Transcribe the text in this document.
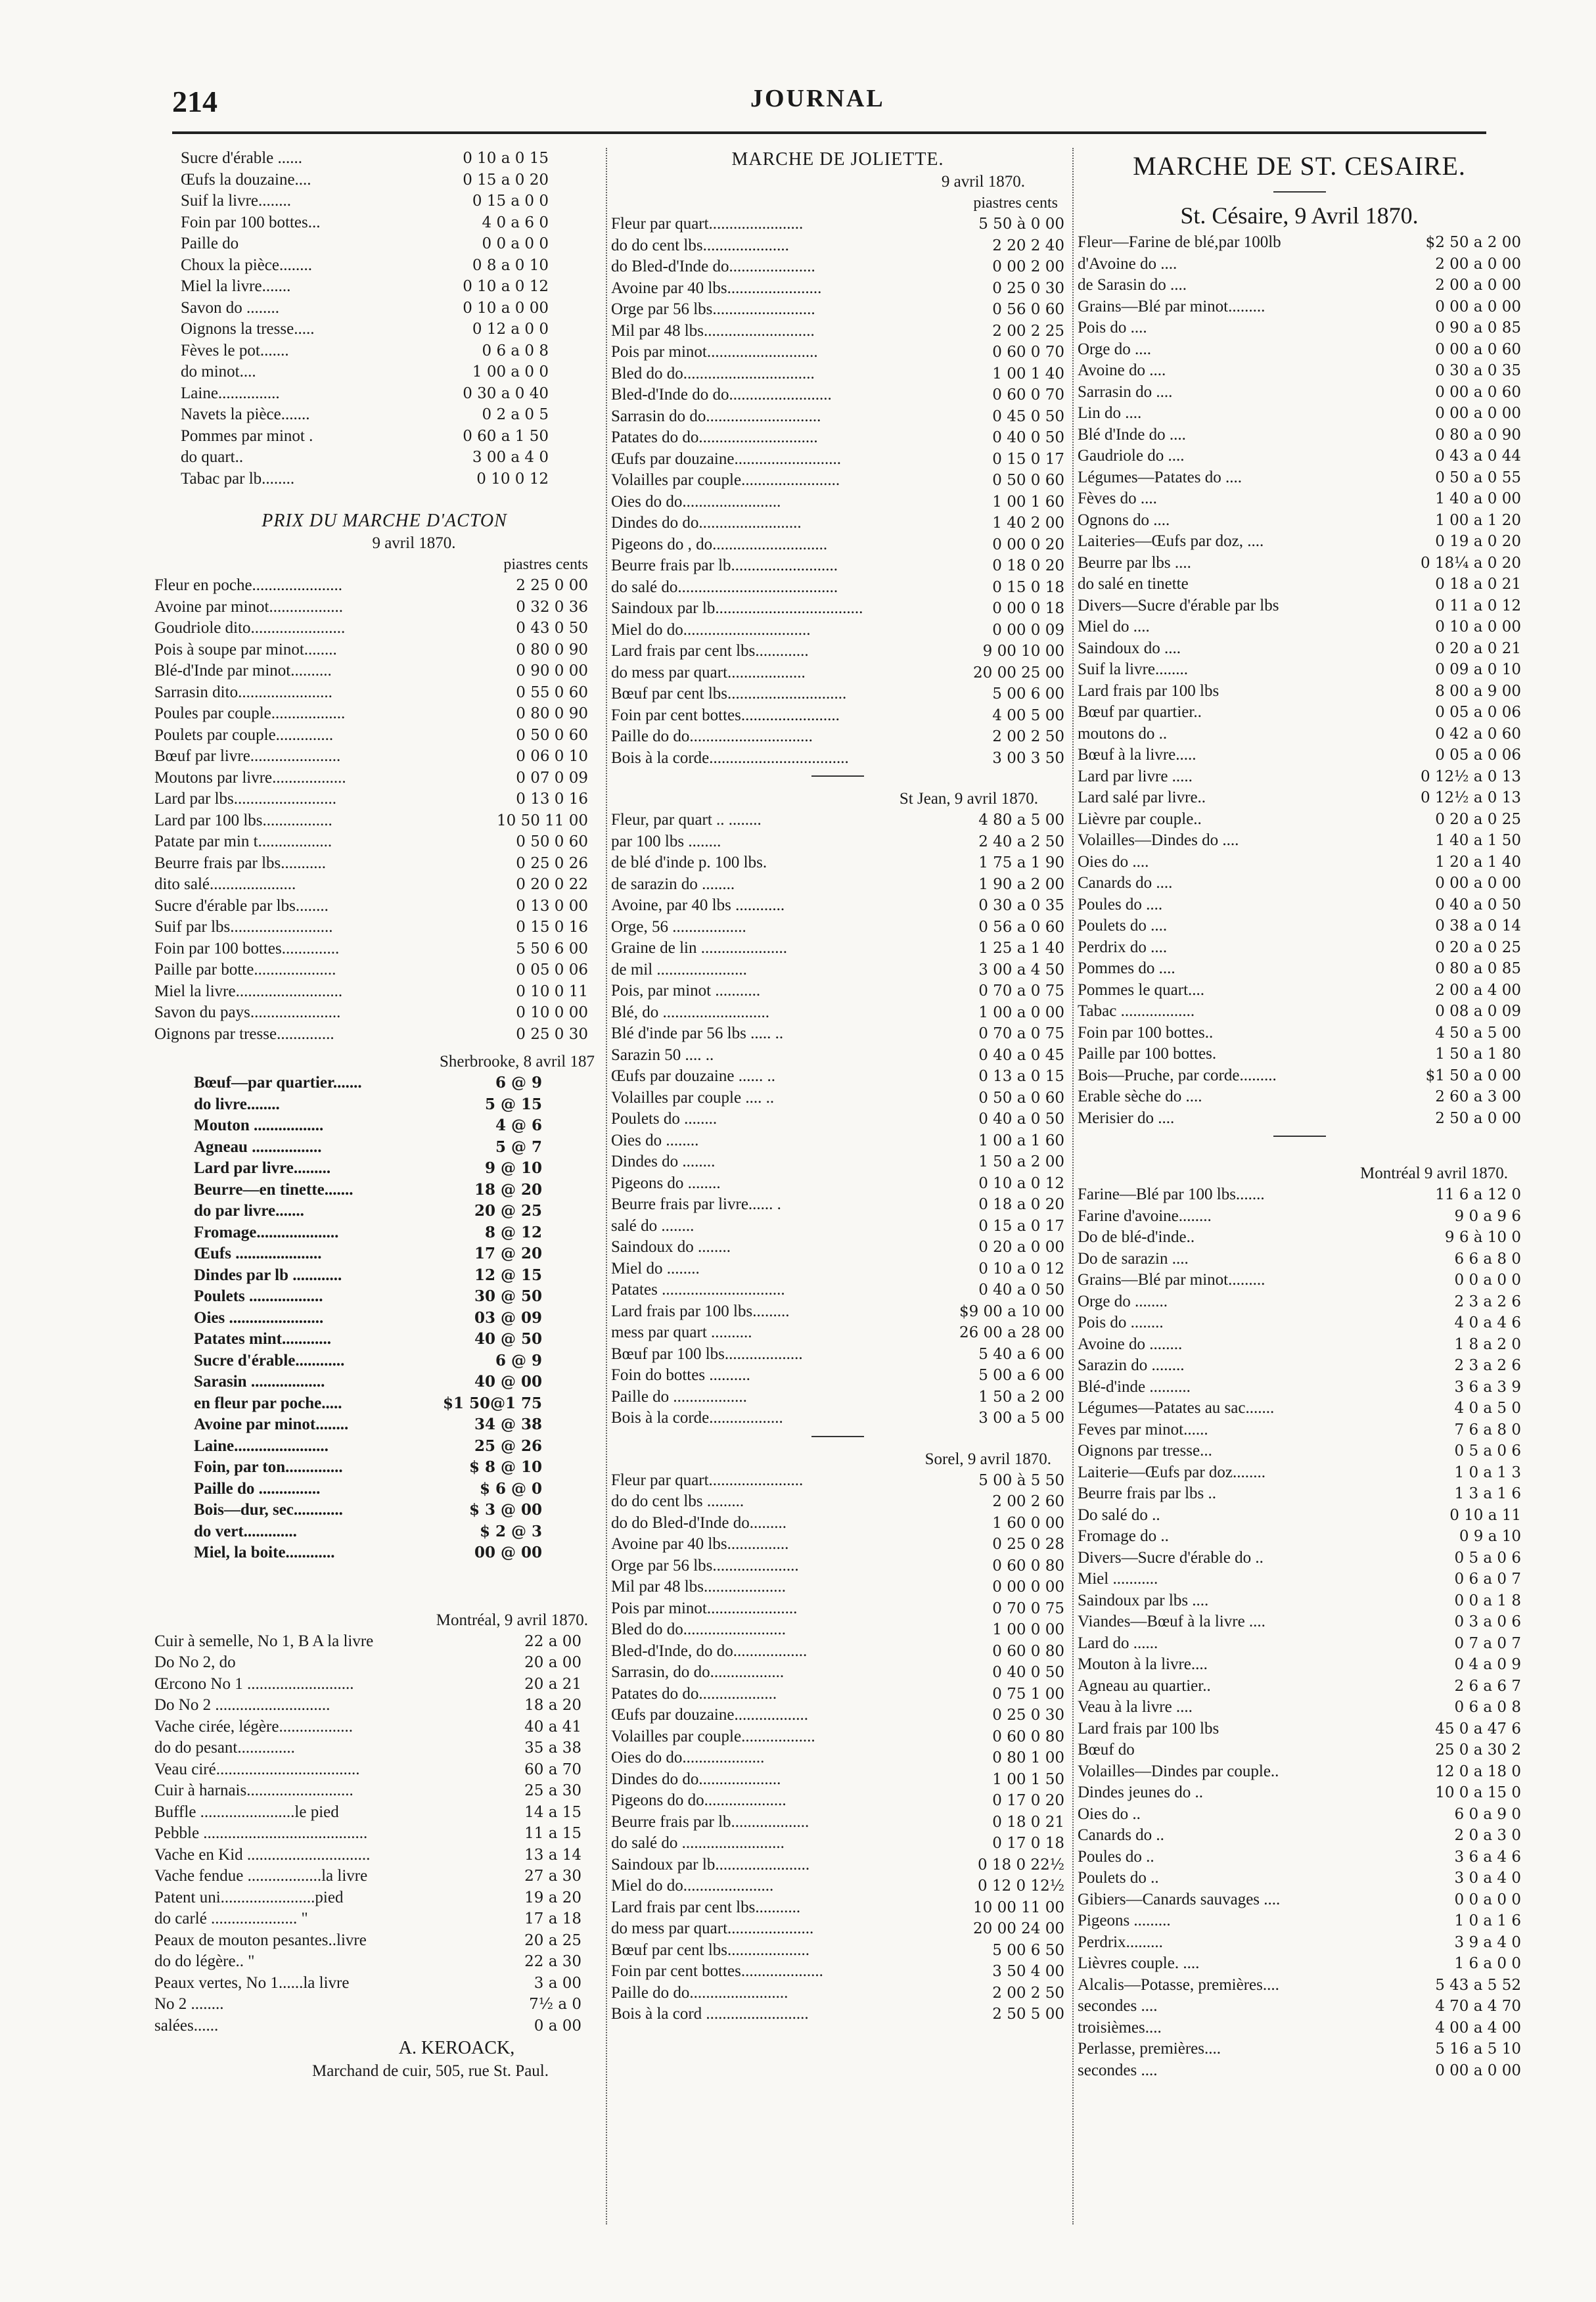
214	JOURNAL
Sucre d'érable ......	0 10 a 0 15
Œufs la douzaine....	0 15 a 0 20
Suif la livre........	0 15 a 0 0
Foin par 100 bottes...	4 0 a 6 0
Paille do	0 0 a 0 0
Choux la pièce........	0 8 a 0 10
Miel la livre.......	0 10 a 0 12
Savon do ........	0 10 a 0 00
Oignons la tresse.....	0 12 a 0 0
Fèves le pot.......	0 6 a 0 8
do minot....	1 00 a 0 0
Laine...............	0 30 a 0 40
Navets la pièce.......	0 2 a 0 5
Pommes par minot .	0 60 a 1 50
do quart..	3 00 a 4 0
Tabac par lb........	0 10 0 12
PRIX DU MARCHE D'ACTON
9 avril 1870.
piastres cents
Fleur en poche......................	2 25 0 00
Avoine par minot..................	0 32 0 36
Goudriole dito.......................	0 43 0 50
Pois à soupe par minot........	0 80 0 90
Blé-d'Inde par minot..........	0 90 0 00
Sarrasin dito.......................	0 55 0 60
Poules par couple..................	0 80 0 90
Poulets par couple..............	0 50 0 60
Bœuf par livre......................	0 06 0 10
Moutons par livre..................	0 07 0 09
Lard par lbs.........................	0 13 0 16
Lard par 100 lbs.................	10 50 11 00
Patate par min t..................	0 50 0 60
Beurre frais par lbs...........	0 25 0 26
dito salé.....................	0 20 0 22
Sucre d'érable par lbs........	0 13 0 00
Suif par lbs.........................	0 15 0 16
Foin par 100 bottes..............	5 50 6 00
Paille par botte....................	0 05 0 06
Miel la livre..........................	0 10 0 11
Savon du pays......................	0 10 0 00
Oignons par tresse..............	0 25 0 30
Sherbrooke, 8 avril 187
Bœuf—par quartier.......	6 @ 9
do livre........	5 @ 15
Mouton .................	4 @ 6
Agneau .................	5 @ 7
Lard par livre.........	9 @ 10
Beurre—en tinette.......	18 @ 20
do par livre.......	20 @ 25
Fromage....................	8 @ 12
Œufs .....................	17 @ 20
Dindes par lb ............	12 @ 15
Poulets ..................	30 @ 50
Oies .......................	03 @ 09
Patates mint............	40 @ 50
Sucre d'érable............	6 @ 9
Sarasin ..................	40 @ 00
en fleur par poche.....	$1 50@1 75
Avoine par minot........	34 @ 38
Laine.......................	25 @ 26
Foin, par ton..............	$ 8 @ 10
Paille do ...............	$ 6 @ 0
Bois—dur, sec............	$ 3 @ 00
do vert.............	$ 2 @ 3
Miel, la boite............	00 @ 00
Montréal, 9 avril 1870.
Cuir à semelle, No 1, B A la livre	22 a 00
Do No 2, do	20 a 00
Œrcono No 1 ..........................	20 a 21
Do No 2 ............................	18 a 20
Vache cirée, légère..................	40 a 41
do do pesant..............	35 a 38
Veau ciré...................................	60 a 70
Cuir à harnais..........................	25 a 30
Buffle .......................le pied	14 a 15
Pebble ........................................	11 a 15
Vache en Kid ..............................	13 a 14
Vache fendue ..................la livre	27 a 30
Patent uni.......................pied	19 a 20
do carlé ..................... "	17 a 18
Peaux de mouton pesantes..livre	20 a 25
do do légère.. "	22 a 30
Peaux vertes, No 1......la livre	3 a 00
No 2 ........	7½ a 0
salées......	0 a 00
A. KEROACK,
Marchand de cuir, 505, rue St. Paul.
MARCHE DE JOLIETTE.
9 avril 1870.
piastres cents
Fleur par quart.......................	5 50 à 0 00
do do cent lbs.....................	2 20 2 40
do Bled-d'Inde do.....................	0 00 2 00
Avoine par 40 lbs.......................	0 25 0 30
Orge par 56 lbs.........................	0 56 0 60
Mil par 48 lbs...........................	2 00 2 25
Pois par minot...........................	0 60 0 70
Bled do do................................	1 00 1 40
Bled-d'Inde do do.........................	0 60 0 70
Sarrasin do do............................	0 45 0 50
Patates do do.............................	0 40 0 50
Œufs par douzaine..........................	0 15 0 17
Volailles par couple........................	0 50 0 60
Oies do do........................	1 00 1 60
Dindes do do.........................	1 40 2 00
Pigeons do , do............................	0 00 0 20
Beurre frais par lb..........................	0 18 0 20
do salé do.......................................	0 15 0 18
Saindoux par lb....................................	0 00 0 18
Miel do do...............................	0 00 0 09
Lard frais par cent lbs.............	9 00 10 00
do mess par quart...................	20 00 25 00
Bœuf par cent lbs.............................	5 00 6 00
Foin par cent bottes........................	4 00 5 00
Paille do do..............................	2 00 2 50
Bois à la corde..................................	3 00 3 50
St Jean, 9 avril 1870.
Fleur, par quart .. ........	4 80 a 5 00
par 100 lbs ........	2 40 a 2 50
de blé d'inde p. 100 lbs.	1 75 a 1 90
de sarazin do ........	1 90 a 2 00
Avoine, par 40 lbs ............	0 30 a 0 35
Orge, 56 ..................	0 56 a 0 60
Graine de lin .....................	1 25 a 1 40
de mil ......................	3 00 a 4 50
Pois, par minot ...........	0 70 a 0 75
Blé, do ..........................	1 00 a 0 00
Blé d'inde par 56 lbs ..... ..	0 70 a 0 75
Sarazin 50 .... ..	0 40 a 0 45
Œufs par douzaine ...... ..	0 13 a 0 15
Volailles par couple .... ..	0 50 a 0 60
Poulets do ........	0 40 a 0 50
Oies do ........	1 00 a 1 60
Dindes do ........	1 50 a 2 00
Pigeons do ........	0 10 a 0 12
Beurre frais par livre...... .	0 18 a 0 20
salé do ........	0 15 a 0 17
Saindoux do ........	0 20 a 0 00
Miel do ........	0 10 a 0 12
Patates ..............................	0 40 a 0 50
Lard frais par 100 lbs.........	$9 00 a 10 00
mess par quart ..........	26 00 a 28 00
Bœuf par 100 lbs...................	5 40 a 6 00
Foin do bottes ..........	5 00 a 6 00
Paille do ..................	1 50 a 2 00
Bois à la corde..................	3 00 a 5 00
Sorel, 9 avril 1870.
Fleur par quart.......................	5 00 à 5 50
do do cent lbs .........	2 00 2 60
do do Bled-d'Inde do.........	1 60 0 00
Avoine par 40 lbs...............	0 25 0 28
Orge par 56 lbs.....................	0 60 0 80
Mil par 48 lbs....................	0 00 0 00
Pois par minot......................	0 70 0 75
Bled do do.........................	1 00 0 00
Bled-d'Inde, do do..................	0 60 0 80
Sarrasin, do do..................	0 40 0 50
Patates do do...................	0 75 1 00
Œufs par douzaine..................	0 25 0 30
Volailles par couple..................	0 60 0 80
Oies do do....................	0 80 1 00
Dindes do do....................	1 00 1 50
Pigeons do do....................	0 17 0 20
Beurre frais par lb...................	0 18 0 21
do salé do .........................	0 17 0 18
Saindoux par lb.......................	0 18 0 22½
Miel do do......................	0 12 0 12½
Lard frais par cent lbs...........	10 00 11 00
do mess par quart.....................	20 00 24 00
Bœuf par cent lbs....................	5 00 6 50
Foin par cent bottes....................	3 50 4 00
Paille do do........................	2 00 2 50
Bois à la cord .........................	2 50 5 00
MARCHE DE ST. CESAIRE.
St. Césaire, 9 Avril 1870.
Fleur—Farine de blé,par 100lb	$2 50 a 2 00
d'Avoine do ....	2 00 a 0 00
de Sarasin do ....	2 00 a 0 00
Grains—Blé par minot.........	0 00 a 0 00
Pois do ....	0 90 a 0 85
Orge do ....	0 00 a 0 60
Avoine do ....	0 30 a 0 35
Sarrasin do ....	0 00 a 0 60
Lin do ....	0 00 a 0 00
Blé d'Inde do ....	0 80 a 0 90
Gaudriole do ....	0 43 a 0 44
Légumes—Patates do ....	0 50 a 0 55
Fèves do ....	1 40 a 0 00
Ognons do ....	1 00 a 1 20
Laiteries—Œufs par doz, ....	0 19 a 0 20
Beurre par lbs ....	0 18¼ a 0 20
do salé en tinette	0 18 a 0 21
Divers—Sucre d'érable par lbs	0 11 a 0 12
Miel do ....	0 10 a 0 00
Saindoux do ....	0 20 a 0 21
Suif la livre........	0 09 a 0 10
Lard frais par 100 lbs	8 00 a 9 00
Bœuf par quartier..	0 05 a 0 06
moutons do ..	0 42 a 0 60
Bœuf à la livre.....	0 05 a 0 06
Lard par livre .....	0 12½ a 0 13
Lard salé par livre..	0 12½ a 0 13
Lièvre par couple..	0 20 a 0 25
Volailles—Dindes do ....	1 40 a 1 50
Oies do ....	1 20 a 1 40
Canards do ....	0 00 a 0 00
Poules do ....	0 40 a 0 50
Poulets do ....	0 38 a 0 14
Perdrix do ....	0 20 a 0 25
Pommes do ....	0 80 a 0 85
Pommes le quart....	2 00 a 4 00
Tabac ..................	0 08 a 0 09
Foin par 100 bottes..	4 50 a 5 00
Paille par 100 bottes.	1 50 a 1 80
Bois—Pruche, par corde.........	$1 50 a 0 00
Erable sèche do ....	2 60 a 3 00
Merisier do ....	2 50 a 0 00
Montréal 9 avril 1870.
Farine—Blé par 100 lbs.......	11 6 a 12 0
Farine d'avoine........	9 0 a 9 6
Do de blé-d'inde..	9 6 à 10 0
Do de sarazin ....	6 6 a 8 0
Grains—Blé par minot.........	0 0 a 0 0
Orge do ........	2 3 a 2 6
Pois do ........	4 0 a 4 6
Avoine do ........	1 8 a 2 0
Sarazin do ........	2 3 a 2 6
Blé-d'inde ..........	3 6 a 3 9
Légumes—Patates au sac.......	4 0 a 5 0
Feves par minot......	7 6 a 8 0
Oignons par tresse...	0 5 a 0 6
Laiterie—Œufs par doz........	1 0 a 1 3
Beurre frais par lbs ..	1 3 a 1 6
Do salé do ..	0 10 a 11
Fromage do ..	0 9 a 10
Divers—Sucre d'érable do ..	0 5 a 0 6
Miel ...........	0 6 a 0 7
Saindoux par lbs ....	0 0 a 1 8
Viandes—Bœuf à la livre ....	0 3 a 0 6
Lard do ......	0 7 a 0 7
Mouton à la livre....	0 4 a 0 9
Agneau au quartier..	2 6 a 6 7
Veau à la livre ....	0 6 a 0 8
Lard frais par 100 lbs	45 0 a 47 6
Bœuf do	25 0 a 30 2
Volailles—Dindes par couple..	12 0 a 18 0
Dindes jeunes do ..	10 0 a 15 0
Oies do ..	6 0 a 9 0
Canards do ..	2 0 a 3 0
Poules do ..	3 6 a 4 6
Poulets do ..	3 0 a 4 0
Gibiers—Canards sauvages ....	0 0 a 0 0
Pigeons .........	1 0 a 1 6
Perdrix.........	3 9 a 4 0
Lièvres couple. ....	1 6 a 0 0
Alcalis—Potasse, premières....	5 43 a 5 52
secondes ....	4 70 a 4 70
troisièmes....	4 00 a 4 00
Perlasse, premières....	5 16 a 5 10
secondes ....	0 00 a 0 00
